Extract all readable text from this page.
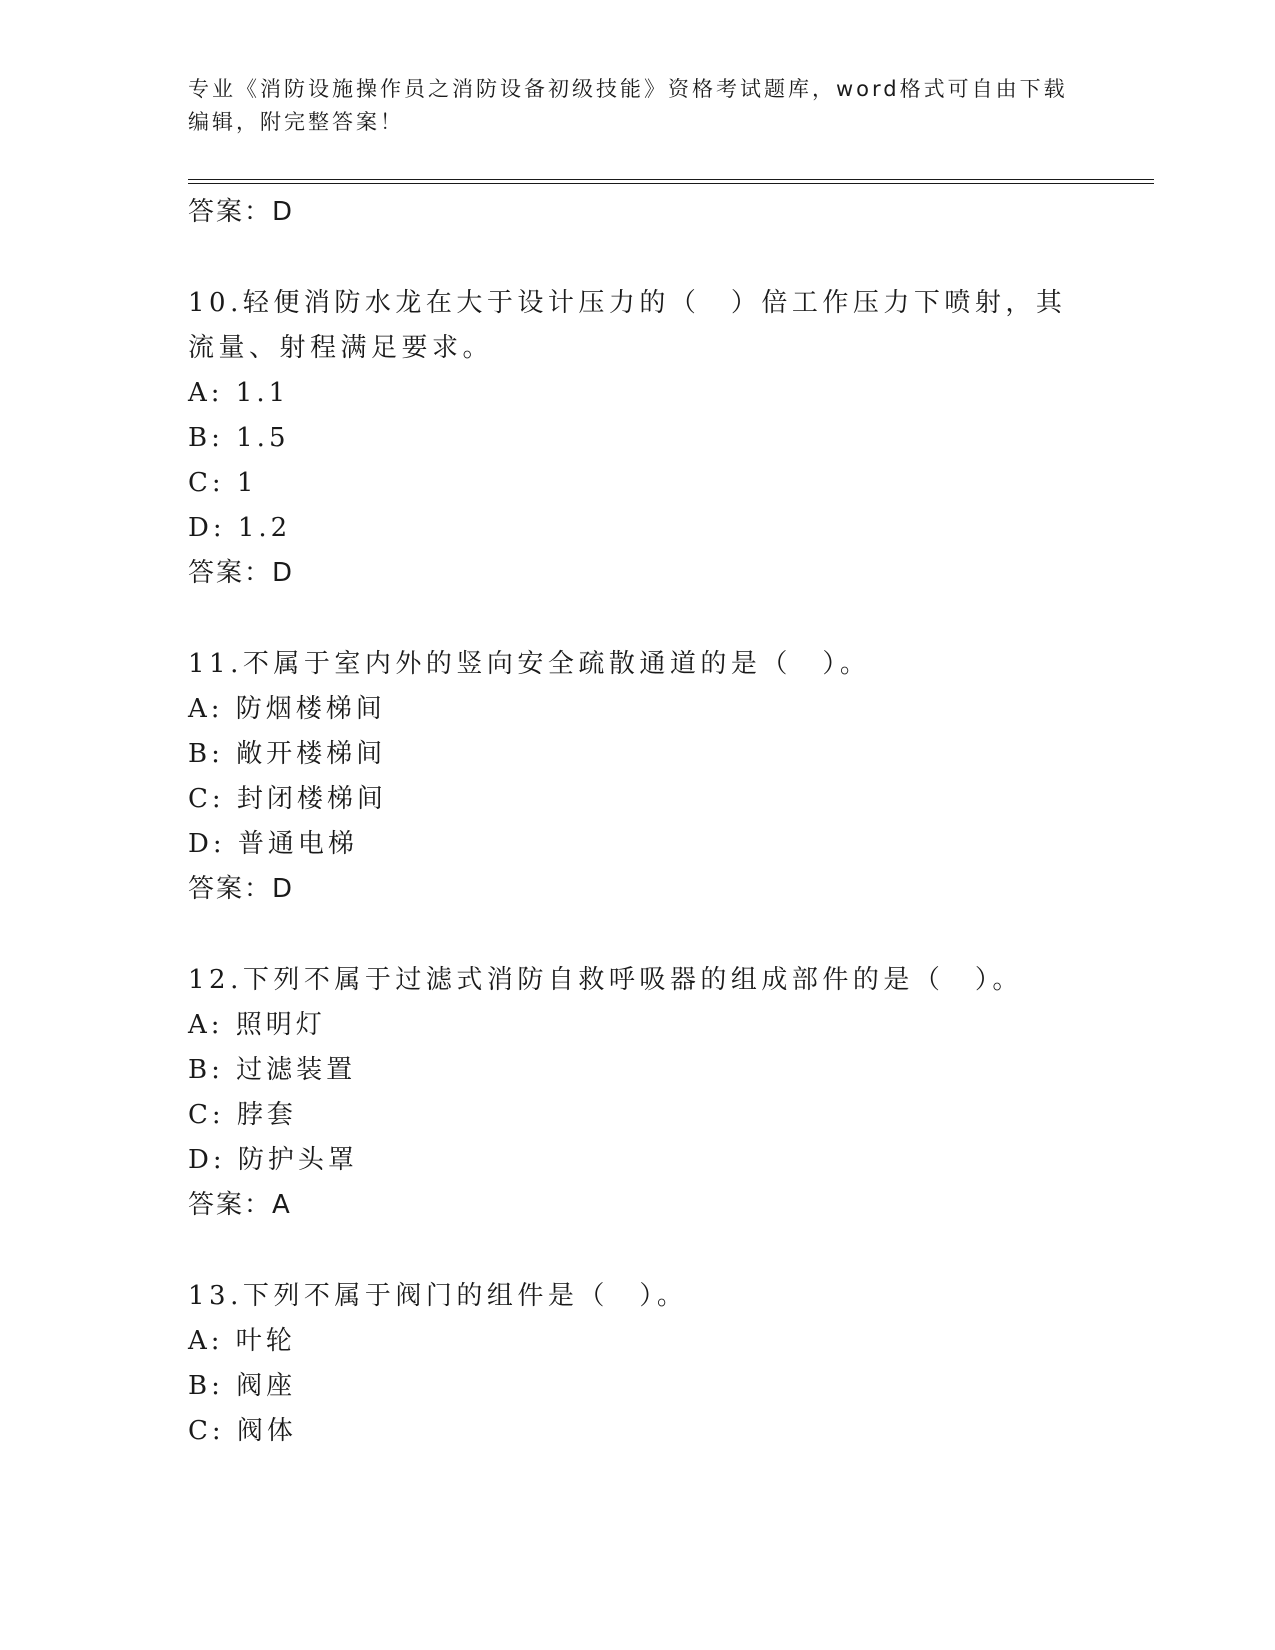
专业《消防设施操作员之消防设备初级技能》资格考试题库，word格式可自由下载编辑，附完整答案！

答案：D

10.轻便消防水龙在大于设计压力的（　）倍工作压力下喷射，其流量、射程满足要求。

A: 1.1

B: 1.5

C: 1

D: 1.2

答案：D

11.不属于室内外的竖向安全疏散通道的是（　）。

A: 防烟楼梯间

B: 敞开楼梯间

C: 封闭楼梯间

D: 普通电梯

答案：D

12.下列不属于过滤式消防自救呼吸器的组成部件的是（　）。

A: 照明灯

B: 过滤装置

C: 脖套

D: 防护头罩

答案：A

13.下列不属于阀门的组件是（　）。

A: 叶轮

B: 阀座

C: 阀体
